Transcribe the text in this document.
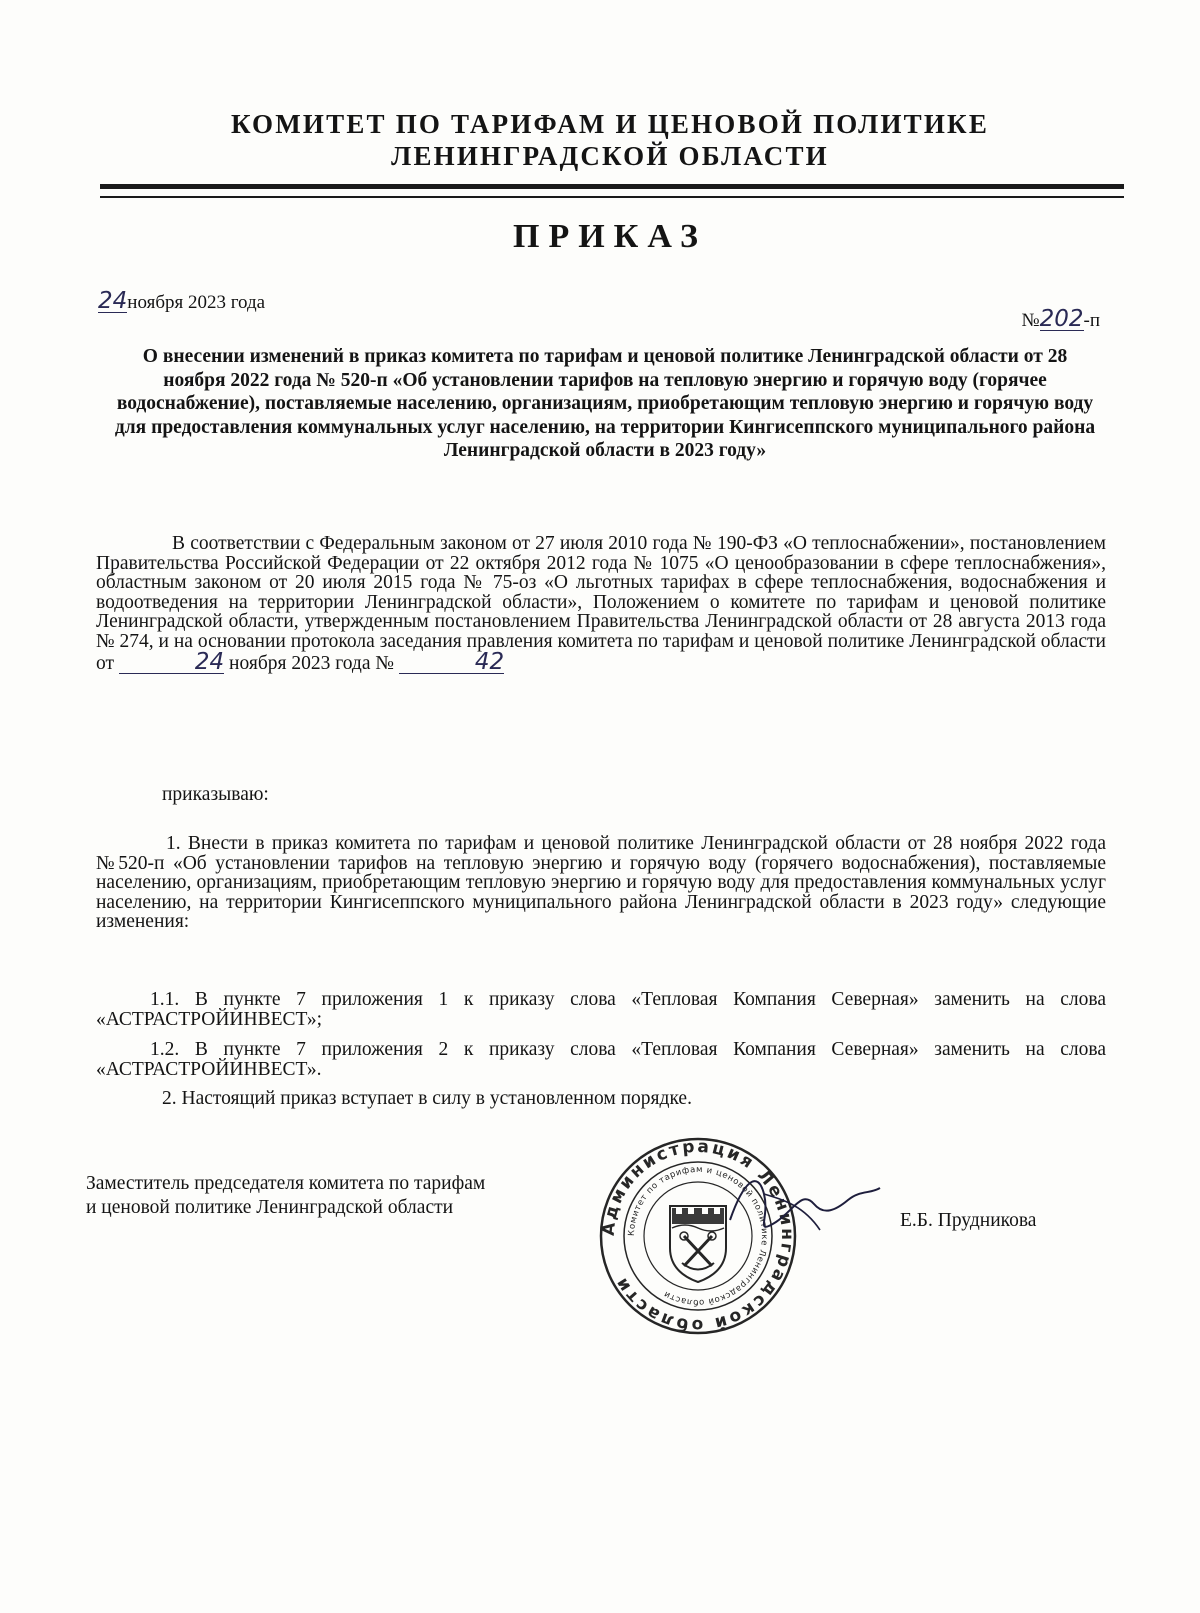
КОМИТЕТ ПО ТАРИФАМ И ЦЕНОВОЙ ПОЛИТИКЕ
ЛЕНИНГРАДСКОЙ ОБЛАСТИ
ПРИКАЗ
24ноября 2023 года
№202-п
О внесении изменений в приказ комитета по тарифам и ценовой политике Ленинградской области от 28 ноября 2022 года № 520-п «Об установлении тарифов на тепловую энергию и горячую воду (горячее водоснабжение), поставляемые населению, организациям, приобретающим тепловую энергию и горячую воду для предоставления коммунальных услуг населению, на территории Кингисеппского муниципального района Ленинградской области в 2023 году»

В соответствии с Федеральным законом от 27 июля 2010 года № 190-ФЗ «О теплоснабжении», постановлением Правительства Российской Федерации от 22 октября 2012 года № 1075 «О ценообразовании в сфере теплоснабжения», областным законом от 20 июля 2015 года № 75-оз «О льготных тарифах в сфере теплоснабжения, водоснабжения и водоотведения на территории Ленинградской области», Положением о комитете по тарифам и ценовой политике Ленинградской области, утвержденным постановлением Правительства Ленинградской области от 28 августа 2013 года № 274, и на основании протокола заседания правления комитета по тарифам и ценовой политике Ленинградской области от	24 ноября 2023 года №	42

приказываю:

1. Внести в приказ комитета по тарифам и ценовой политике Ленинградской области от 28 ноября 2022 года №520-п «Об установлении тарифов на тепловую энергию и горячую воду (горячего водоснабжения), поставляемые населению, организациям, приобретающим тепловую энергию и горячую воду для предоставления коммунальных услуг населению, на территории Кингисеппского муниципального района Ленинградской области в 2023 году» следующие изменения:

1.1. В пункте 7 приложения 1 к приказу слова «Тепловая Компания Северная» заменить на слова «АСТРАСТРОЙИНВЕСТ»;

1.2. В пункте 7 приложения 2 к приказу слова «Тепловая Компания Северная» заменить на слова «АСТРАСТРОЙИНВЕСТ».

2. Настоящий приказ вступает в силу в установленном порядке.

Заместитель председателя комитета по тарифам
и ценовой политике Ленинградской области
Администрация Ленинградской области
Комитет по тарифам и ценовой политике Ленинградской области
Е.Б. Прудникова
